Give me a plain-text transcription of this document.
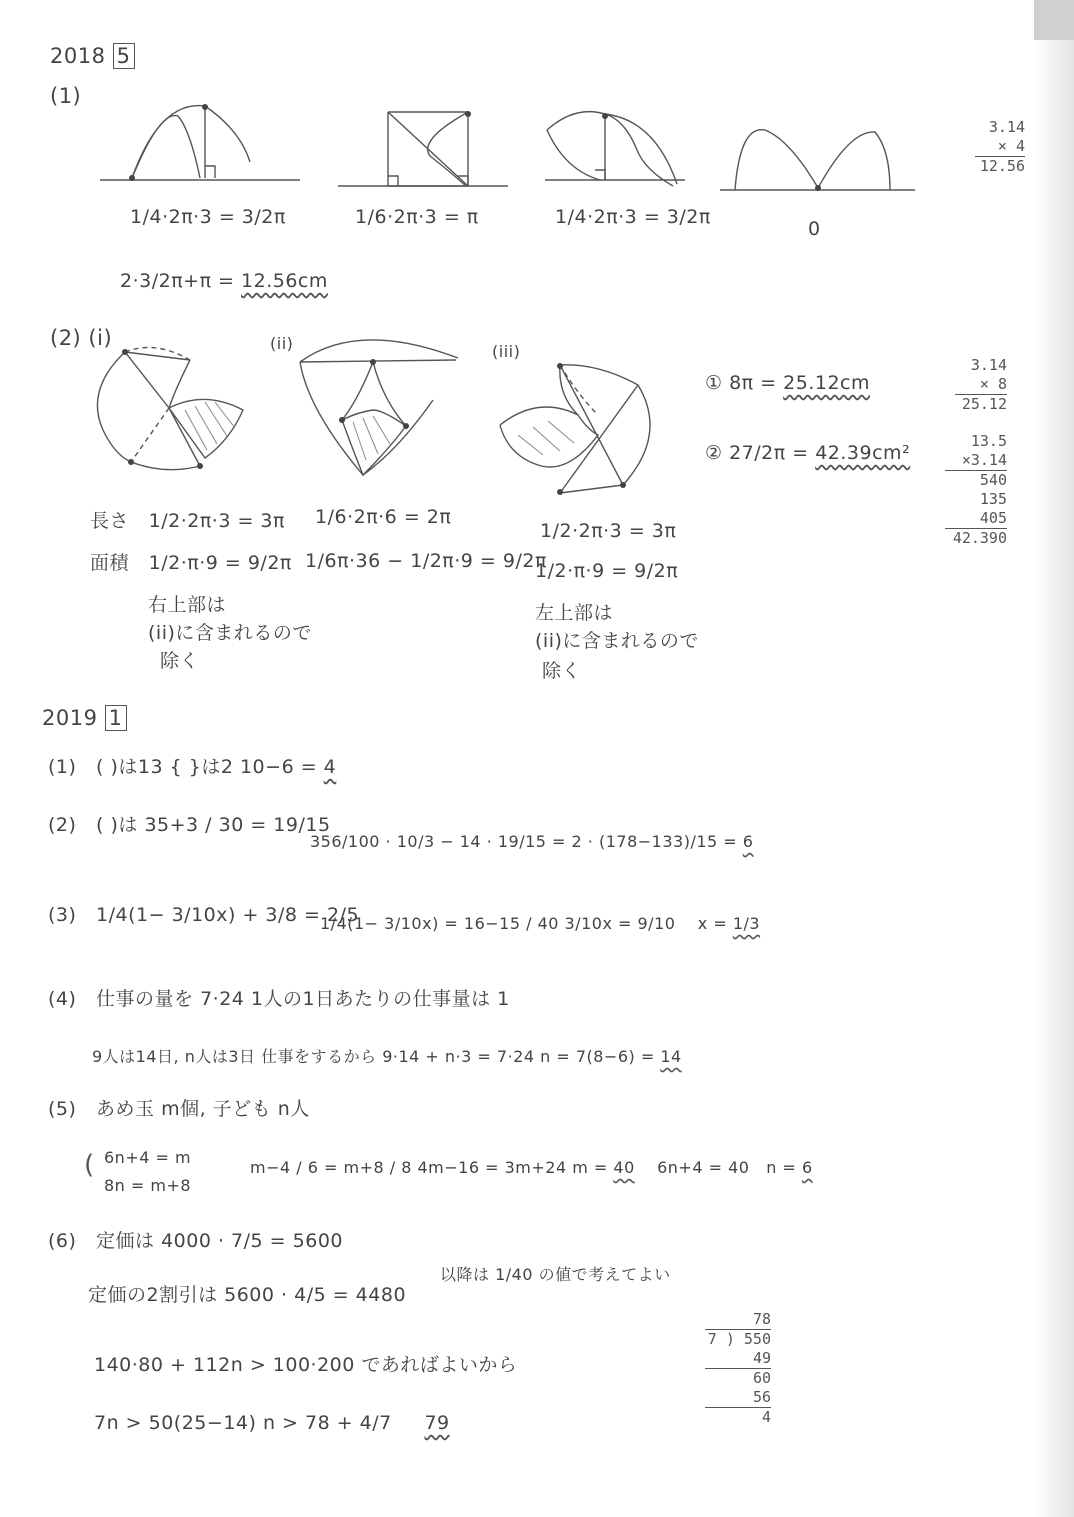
2018 5
(1)
1/4·2π·3 = 3/2π	1/6·2π·3 = π	1/4·2π·3 = 3/2π
0
2·3/2π+π = 12.56cm
3.14
× 4
12.56
(2) (i)	(ii)	(iii)
① 8π = 25.12cm
② 27/2π = 42.39cm²
3.14
× 8
25.12
13.5
×3.14
540
135
405
42.390
長さ 1/2·2π·3 = 3π
面積 1/2·π·9 = 9/2π
右上部は
(ii)に含まれるので
除く
1/6·2π·6 = 2π
1/6π·36 − 1/2π·9 = 9/2π
1/2·2π·3 = 3π
1/2·π·9 = 9/2π
左上部は
(ii)に含まれるので
除く
2019 1
(1) ( )は13 { }は2 10−6 = 4
(2) ( )は 35+3 / 30 = 19/15
356/100 · 10/3 − 14 · 19/15 = 2 · (178−133)/15 = 6
(3) 1/4(1− 3/10x) + 3/8 = 2/5
1/4(1− 3/10x) = 16−15 / 40 3/10x = 9/10 x = 1/3
(4) 仕事の量を 7·24 1人の1日あたりの仕事量は 1
9人は14日, n人は3日 仕事をするから 9·14 + n·3 = 7·24 n = 7(8−6) = 14
(5) あめ玉 m個, 子ども n人
( 6n+4 = m
8n = m+8
m−4 / 6 = m+8 / 8 4m−16 = 3m+24 m = 40 6n+4 = 40 n = 6
(6) 定価は 4000 · 7/5 = 5600
以降は 1/40 の値で考えてよい
定価の2割引は 5600 · 4/5 = 4480
140·80 + 112n > 100·200 であればよいから
7n > 50(25−14) n > 78 + 4/7 79
78
7 ) 550
49
60
56
4
